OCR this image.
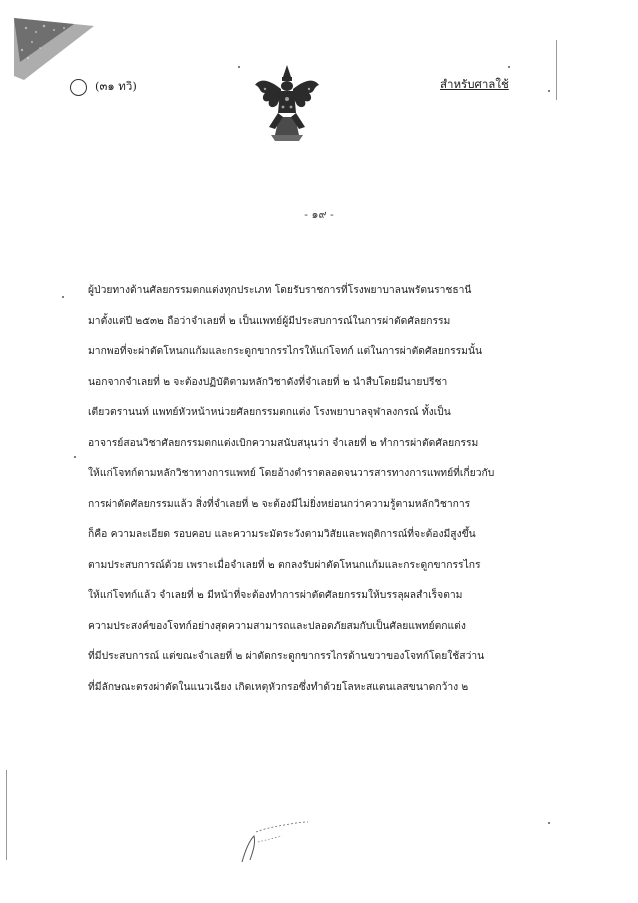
(๓๑ ทวิ)	สำหรับศาลใช้
- ๑๙ -
ผู้ป่วยทางด้านศัลยกรรมตกแต่งทุกประเภท โดยรับราชการที่โรงพยาบาลนพรัตนราชธานี
มาตั้งแต่ปี ๒๕๓๒ ถือว่าจำเลยที่ ๒ เป็นแพทย์ผู้มีประสบการณ์ในการผ่าตัดศัลยกรรม
มากพอที่จะผ่าตัดโหนกแก้มและกระดูกขากรรไกรให้แก่โจทก์ แต่ในการผ่าตัดศัลยกรรมนั้น
นอกจากจำเลยที่ ๒ จะต้องปฏิบัติตามหลักวิชาดังที่จำเลยที่ ๒ นำสืบโดยมีนายปรีชา
เตียวตรานนท์ แพทย์หัวหน้าหน่วยศัลยกรรมตกแต่ง โรงพยาบาลจุฬาลงกรณ์ ทั้งเป็น
อาจารย์สอนวิชาศัลยกรรมตกแต่งเบิกความสนับสนุนว่า จำเลยที่ ๒ ทำการผ่าตัดศัลยกรรม
ให้แก่โจทก์ตามหลักวิชาทางการแพทย์ โดยอ้างตำราตลอดจนวารสารทางการแพทย์ที่เกี่ยวกับ
การผ่าตัดศัลยกรรมแล้ว สิ่งที่จำเลยที่ ๒ จะต้องมีไม่ยิ่งหย่อนกว่าความรู้ตามหลักวิชาการ
ก็คือ ความละเอียด รอบคอบ และความระมัดระวังตามวิสัยและพฤติการณ์ที่จะต้องมีสูงขึ้น
ตามประสบการณ์ด้วย เพราะเมื่อจำเลยที่ ๒ ตกลงรับผ่าตัดโหนกแก้มและกระดูกขากรรไกร
ให้แก่โจทก์แล้ว จำเลยที่ ๒ มีหน้าที่จะต้องทำการผ่าตัดศัลยกรรมให้บรรลุผลสำเร็จตาม
ความประสงค์ของโจทก์อย่างสุดความสามารถและปลอดภัยสมกับเป็นศัลยแพทย์ตกแต่ง
ที่มีประสบการณ์ แต่ขณะจำเลยที่ ๒ ผ่าตัดกระดูกขากรรไกรด้านขวาของโจทก์โดยใช้สว่าน
ที่มีลักษณะตรงผ่าตัดในแนวเฉียง เกิดเหตุหัวกรอซึ่งทำด้วยโลหะสแตนเลสขนาดกว้าง ๒
